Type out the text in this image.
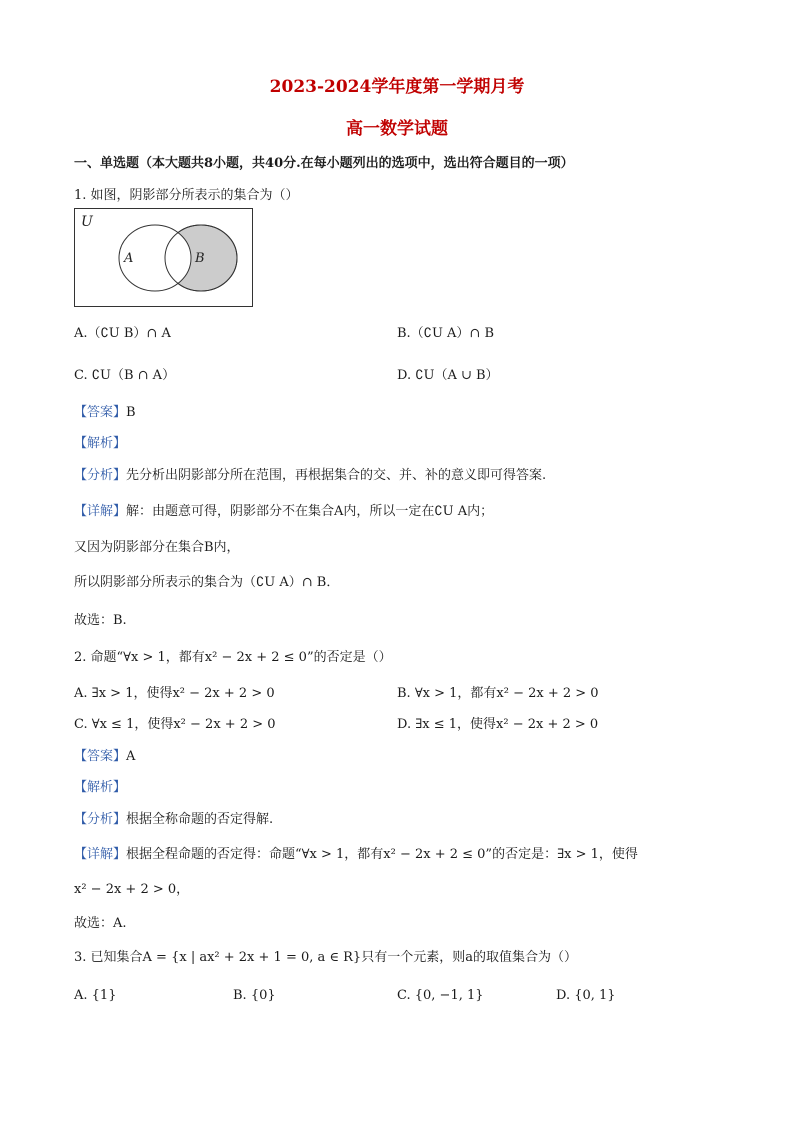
2023-2024学年度第一学期月考
高一数学试题
一、单选题（本大题共8小题，共40分.在每小题列出的选项中，选出符合题目的一项）
1. 如图，阴影部分所表示的集合为（）
U
A	B
A.（∁U B）∩ A	B.（∁U A）∩ B
C. ∁U（B ∩ A）	D. ∁U（A ∪ B）
【答案】B
【解析】
【分析】先分析出阴影部分所在范围，再根据集合的交、并、补的意义即可得答案.
【详解】解：由题意可得，阴影部分不在集合A内，所以一定在∁U A内；
又因为阴影部分在集合B内，
所以阴影部分所表示的集合为（∁U A）∩ B．
故选：B.
2. 命题“∀x > 1，都有x² − 2x + 2 ≤ 0”的否定是（）
A. ∃x > 1，使得x² − 2x + 2 > 0	B. ∀x > 1，都有x² − 2x + 2 > 0
C. ∀x ≤ 1，使得x² − 2x + 2 > 0	D. ∃x ≤ 1，使得x² − 2x + 2 > 0
【答案】A
【解析】
【分析】根据全称命题的否定得解.
【详解】根据全程命题的否定得：命题“∀x > 1，都有x² − 2x + 2 ≤ 0”的否定是：∃x > 1，使得
x² − 2x + 2 > 0，
故选：A.
3. 已知集合A = {x | ax² + 2x + 1 = 0, a ∈ R}只有一个元素，则a的取值集合为（）
A. {1}	B. {0}	C. {0, −1, 1}	D. {0, 1}
